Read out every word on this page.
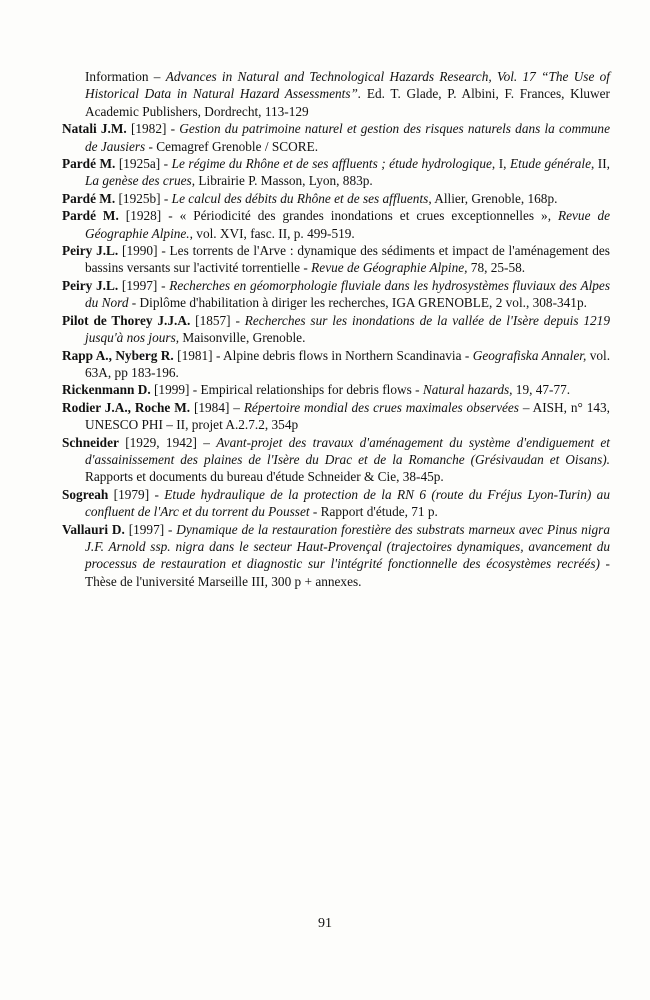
Information – Advances in Natural and Technological Hazards Research, Vol. 17 “The Use of Historical Data in Natural Hazard Assessments”. Ed. T. Glade, P. Albini, F. Frances, Kluwer Academic Publishers, Dordrecht, 113-129

Natali J.M. [1982] - Gestion du patrimoine naturel et gestion des risques naturels dans la commune de Jausiers - Cemagref Grenoble / SCORE.

Pardé M. [1925a] - Le régime du Rhône et de ses affluents ; étude hydrologique, I, Etude générale, II, La genèse des crues, Librairie P. Masson, Lyon, 883p.

Pardé M. [1925b] - Le calcul des débits du Rhône et de ses affluents, Allier, Grenoble, 168p.

Pardé M. [1928] - « Périodicité des grandes inondations et crues exceptionnelles », Revue de Géographie Alpine., vol. XVI, fasc. II, p. 499-519.

Peiry J.L. [1990] - Les torrents de l'Arve : dynamique des sédiments et impact de l'aménagement des bassins versants sur l'activité torrentielle - Revue de Géographie Alpine, 78, 25-58.

Peiry J.L. [1997] - Recherches en géomorphologie fluviale dans les hydrosystèmes fluviaux des Alpes du Nord - Diplôme d'habilitation à diriger les recherches, IGA GRENOBLE, 2 vol., 308-341p.

Pilot de Thorey J.J.A. [1857] - Recherches sur les inondations de la vallée de l'Isère depuis 1219 jusqu'à nos jours, Maisonville, Grenoble.

Rapp A., Nyberg R. [1981] - Alpine debris flows in Northern Scandinavia - Geografiska Annaler, vol. 63A, pp 183-196.

Rickenmann D. [1999] - Empirical relationships for debris flows - Natural hazards, 19, 47-77.

Rodier J.A., Roche M. [1984] – Répertoire mondial des crues maximales observées – AISH, n° 143, UNESCO PHI – II, projet A.2.7.2, 354p

Schneider [1929, 1942] – Avant-projet des travaux d'aménagement du système d'endiguement et d'assainissement des plaines de l'Isère du Drac et de la Romanche (Grésivaudan et Oisans). Rapports et documents du bureau d'étude Schneider & Cie, 38-45p.

Sogreah [1979] - Etude hydraulique de la protection de la RN 6 (route du Fréjus Lyon-Turin) au confluent de l'Arc et du torrent du Pousset - Rapport d'étude, 71 p.

Vallauri D. [1997] - Dynamique de la restauration forestière des substrats marneux avec Pinus nigra J.F. Arnold ssp. nigra dans le secteur Haut-Provençal (trajectoires dynamiques, avancement du processus de restauration et diagnostic sur l'intégrité fonctionnelle des écosystèmes recréés) - Thèse de l'université Marseille III, 300 p + annexes.

91
